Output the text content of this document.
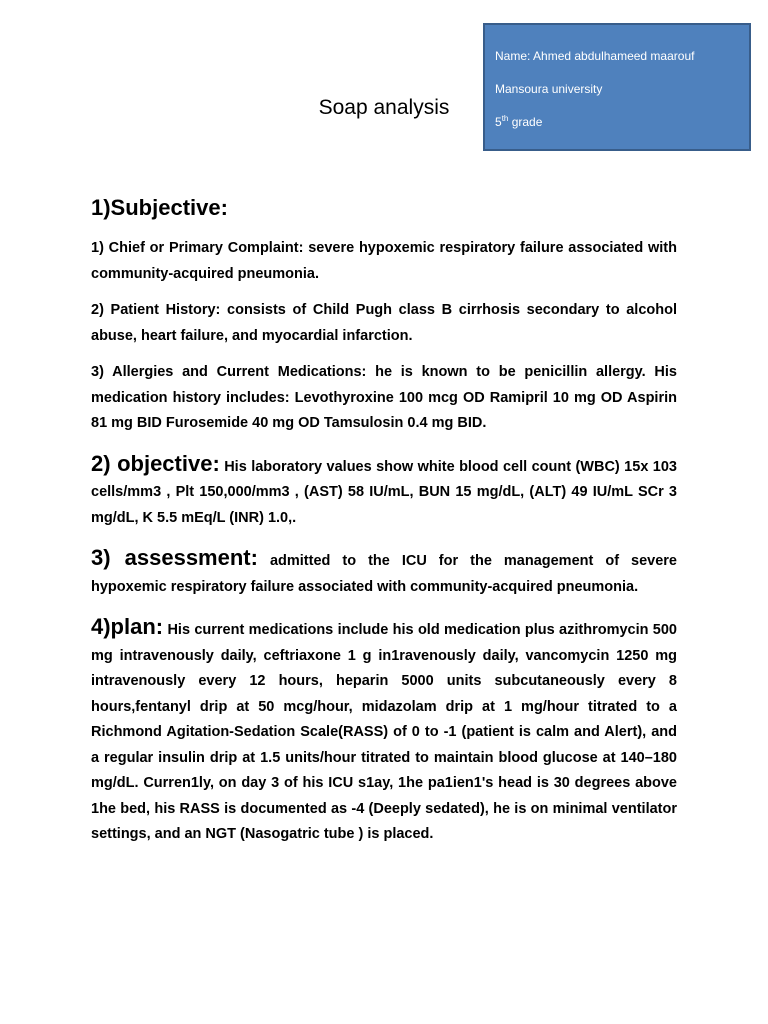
Name: Ahmed abdulhameed maarouf
Mansoura university
5th grade
Soap analysis
1)Subjective:

1) Chief or Primary Complaint: severe hypoxemic respiratory failure associated with community-acquired pneumonia.

2) Patient History: consists of Child Pugh class B cirrhosis secondary to alcohol abuse, heart failure, and myocardial infarction.

3) Allergies and Current Medications: he is known to be penicillin allergy. His medication history includes: Levothyroxine 100 mcg OD Ramipril 10 mg OD Aspirin 81 mg BID Furosemide 40 mg OD Tamsulosin 0.4 mg BID.

2) objective: His laboratory values show white blood cell count (WBC) 15x 103 cells/mm3 , Plt 150,000/mm3 , (AST) 58 IU/mL, BUN 15 mg/dL, (ALT) 49 IU/mL SCr 3 mg/dL, K 5.5 mEq/L (INR) 1.0,.

3) assessment: admitted to the ICU for the management of severe hypoxemic respiratory failure associated with community-acquired pneumonia.

4)plan: His current medications include his old medication plus azithromycin 500 mg intravenously daily, ceftriaxone 1 g in1ravenously daily, vancomycin 1250 mg intravenously every 12 hours, heparin 5000 units subcutaneously every 8 hours,fentanyl drip at 50 mcg/hour, midazolam drip at 1 mg/hour titrated to a Richmond Agitation-Sedation Scale(RASS) of 0 to -1 (patient is calm and Alert), and a regular insulin drip at 1.5 units/hour titrated to maintain blood glucose at 140–180 mg/dL. Curren1ly, on day 3 of his ICU s1ay, 1he pa1ien1's head is 30 degrees above 1he bed, his RASS is documented as -4 (Deeply sedated), he is on minimal ventilator settings, and an NGT (Nasogatric tube ) is placed.
